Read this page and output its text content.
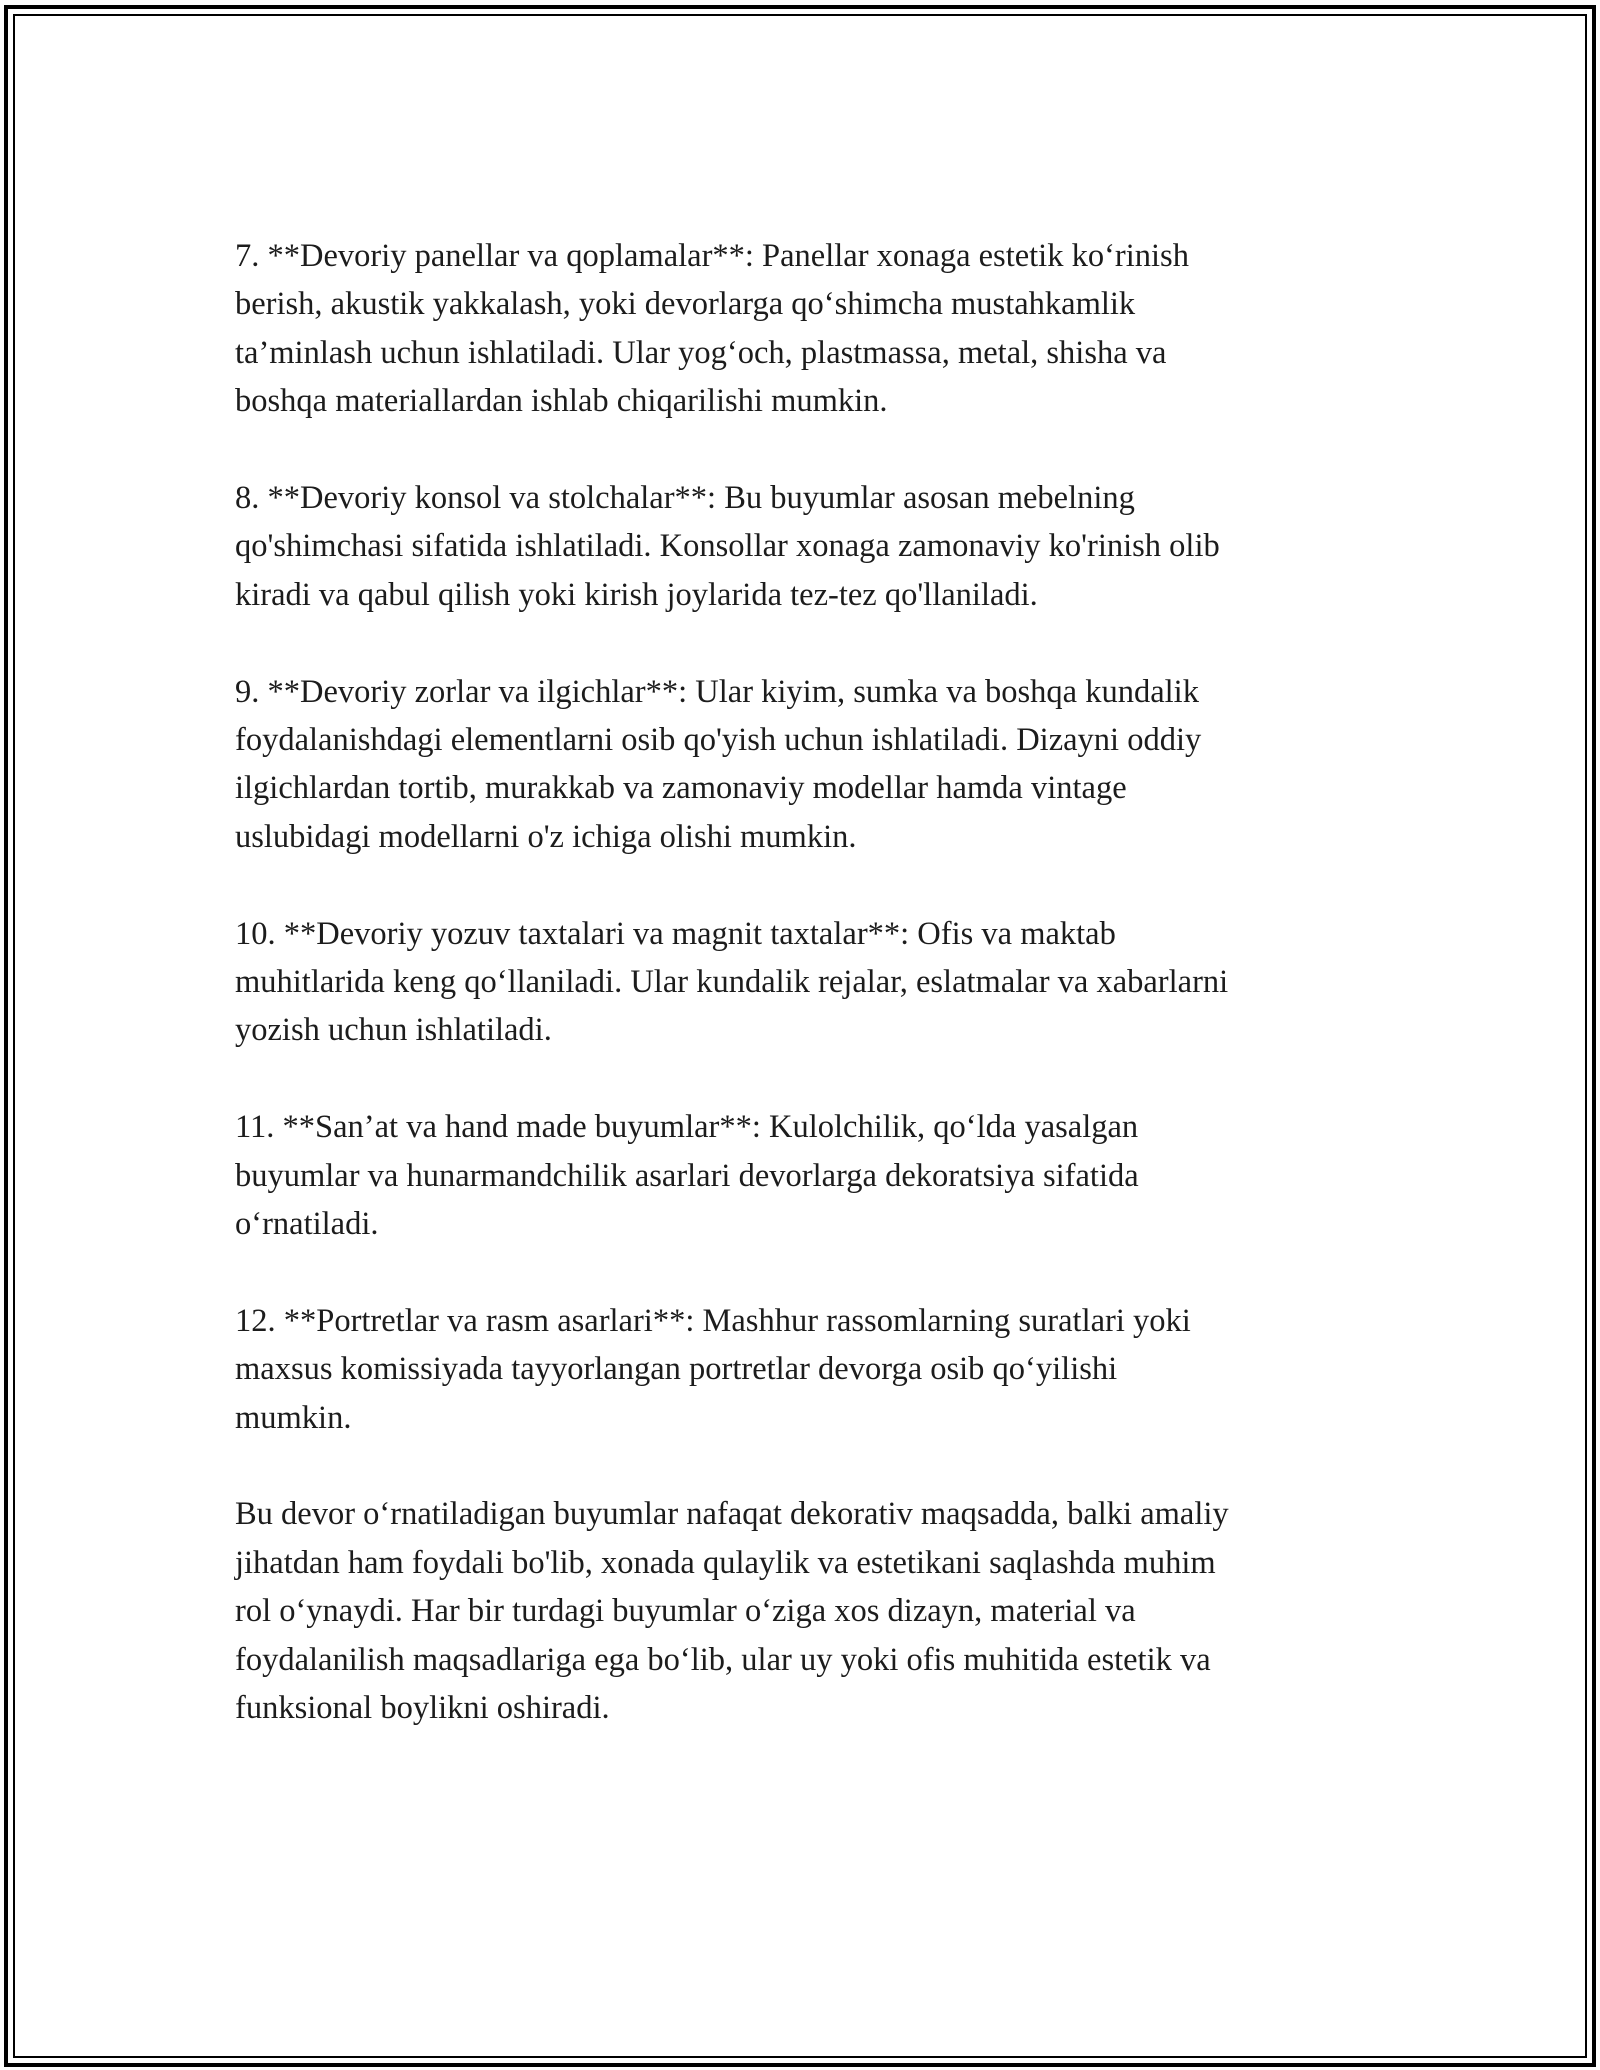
7. **Devoriy panellar va qoplamalar**: Panellar xonaga estetik ko‘rinish
berish, akustik yakkalash, yoki devorlarga qo‘shimcha mustahkamlik
ta’minlash uchun ishlatiladi. Ular yog‘och, plastmassa, metal, shisha va
boshqa materiallardan ishlab chiqarilishi mumkin.

8. **Devoriy konsol va stolchalar**: Bu buyumlar asosan mebelning
qo'shimchasi sifatida ishlatiladi. Konsollar xonaga zamonaviy ko'rinish olib
kiradi va qabul qilish yoki kirish joylarida tez-tez qo'llaniladi.

9. **Devoriy zorlar va ilgichlar**: Ular kiyim, sumka va boshqa kundalik
foydalanishdagi elementlarni osib qo'yish uchun ishlatiladi. Dizayni oddiy
ilgichlardan tortib, murakkab va zamonaviy modellar hamda vintage
uslubidagi modellarni o'z ichiga olishi mumkin.

10. **Devoriy yozuv taxtalari va magnit taxtalar**: Ofis va maktab
muhitlarida keng qo‘llaniladi. Ular kundalik rejalar, eslatmalar va xabarlarni
yozish uchun ishlatiladi.

11. **San’at va hand made buyumlar**: Kulolchilik, qo‘lda yasalgan
buyumlar va hunarmandchilik asarlari devorlarga dekoratsiya sifatida
o‘rnatiladi.

12. **Portretlar va rasm asarlari**: Mashhur rassomlarning suratlari yoki
maxsus komissiyada tayyorlangan portretlar devorga osib qo‘yilishi
mumkin.

Bu devor o‘rnatiladigan buyumlar nafaqat dekorativ maqsadda, balki amaliy
jihatdan ham foydali bo'lib, xonada qulaylik va estetikani saqlashda muhim
rol o‘ynaydi. Har bir turdagi buyumlar o‘ziga xos dizayn, material va
foydalanilish maqsadlariga ega bo‘lib, ular uy yoki ofis muhitida estetik va
funksional boylikni oshiradi.
